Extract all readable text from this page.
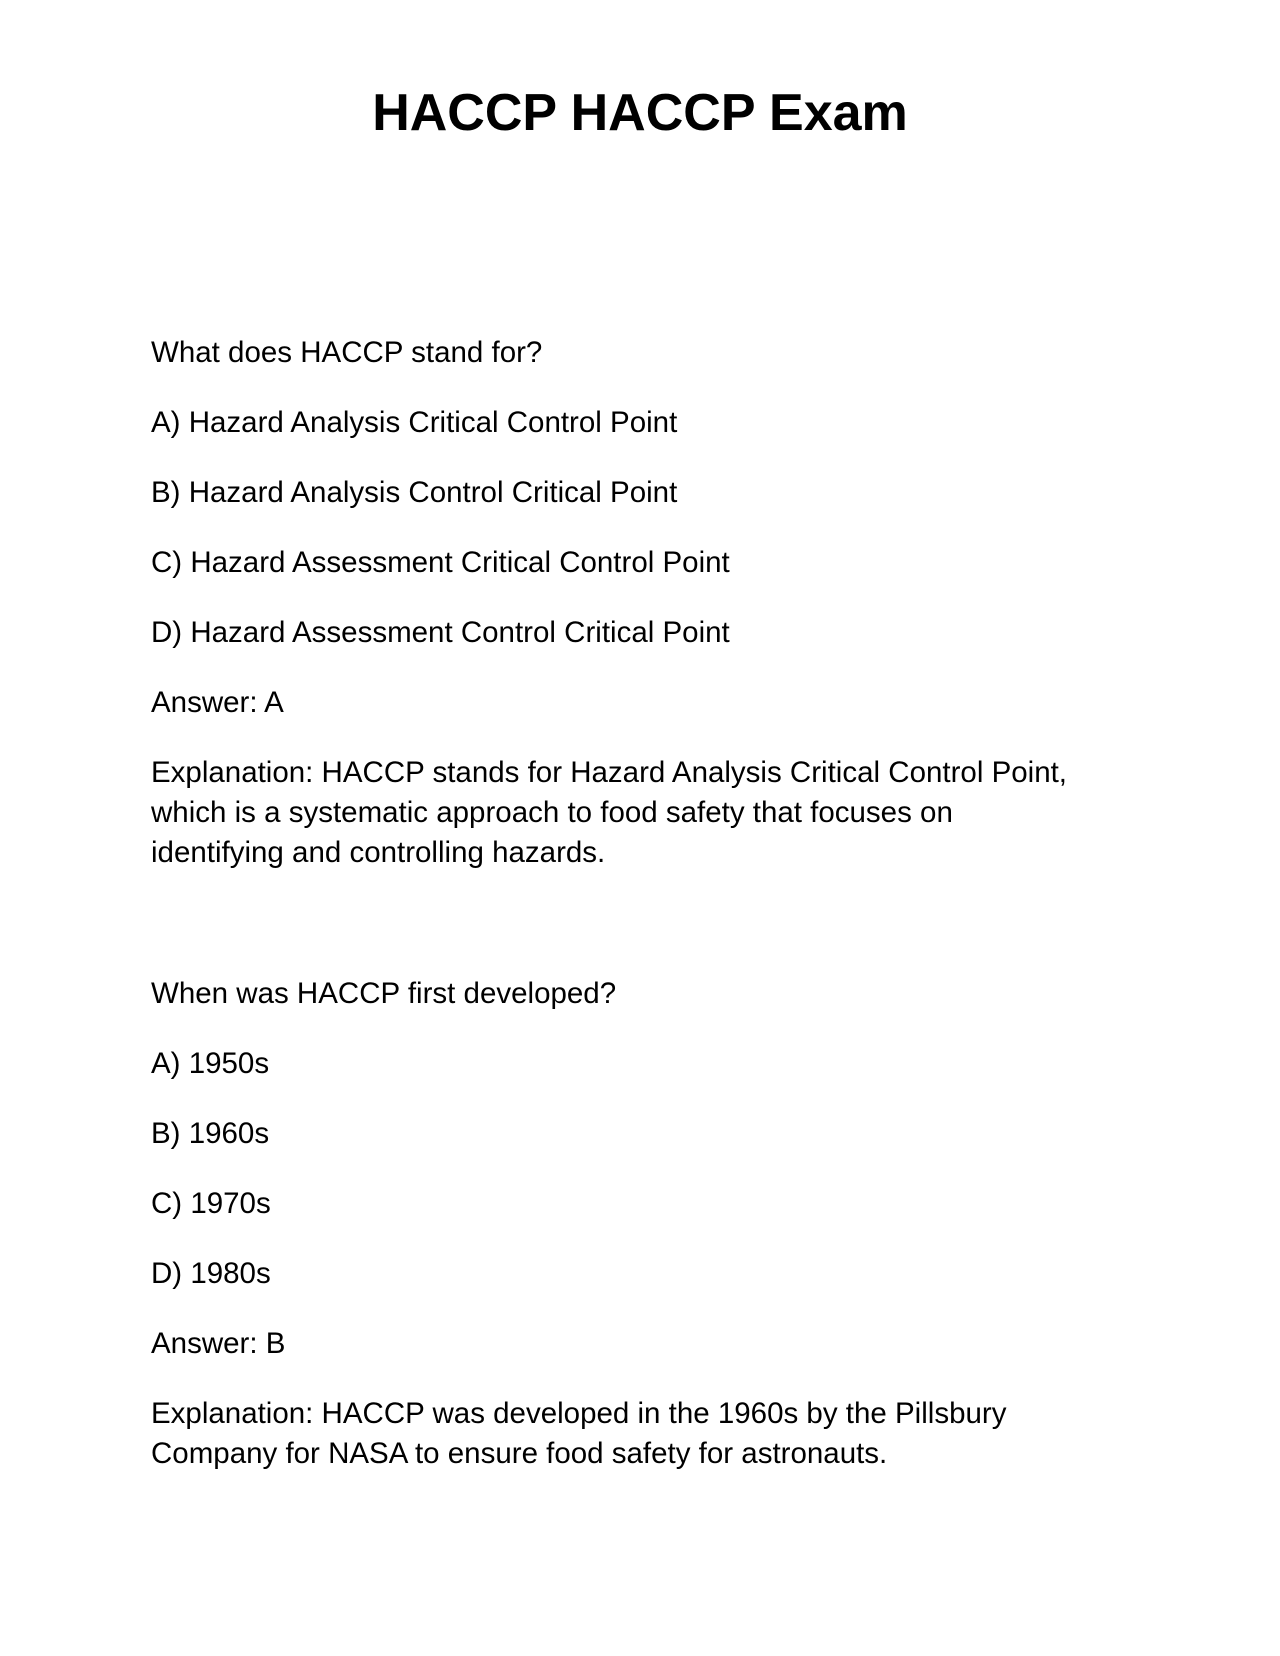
HACCP HACCP Exam
What does HACCP stand for?
A) Hazard Analysis Critical Control Point
B) Hazard Analysis Control Critical Point
C) Hazard Assessment Critical Control Point
D) Hazard Assessment Control Critical Point
Answer: A
Explanation: HACCP stands for Hazard Analysis Critical Control Point,
which is a systematic approach to food safety that focuses on
identifying and controlling hazards.
When was HACCP first developed?
A) 1950s
B) 1960s
C) 1970s
D) 1980s
Answer: B
Explanation: HACCP was developed in the 1960s by the Pillsbury
Company for NASA to ensure food safety for astronauts.
